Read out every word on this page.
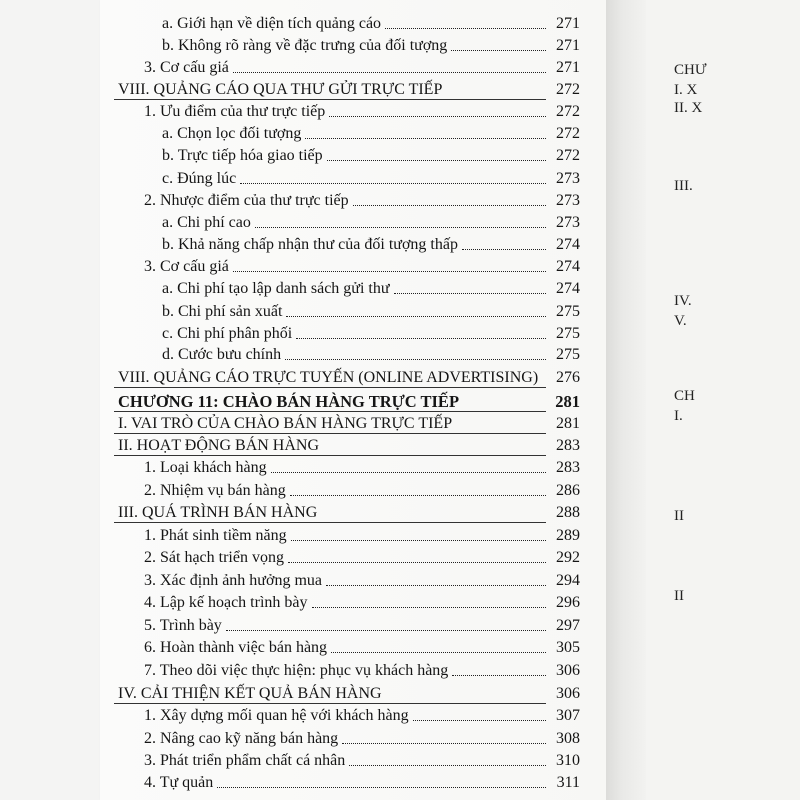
a. Giới hạn về diện tích quảng cáo	271
b. Không rõ ràng về đặc trưng của đối tượng	271
3. Cơ cấu giá	271
VIII. QUẢNG CÁO QUA THƯ GỬI TRỰC TIẾP	272
1. Ưu điểm của thư trực tiếp	272
a. Chọn lọc đối tượng	272
b. Trực tiếp hóa giao tiếp	272
c. Đúng lúc	273
2. Nhược điểm của thư trực tiếp	273
a. Chi phí cao	273
b. Khả năng chấp nhận thư của đối tượng thấp	274
3. Cơ cấu giá	274
a. Chi phí tạo lập danh sách gửi thư	274
b. Chi phí sản xuất	275
c. Chi phí phân phối	275
d. Cước bưu chính	275
VIII. QUẢNG CÁO TRỰC TUYẾN (ONLINE ADVERTISING) 276
CHƯƠNG 11: CHÀO BÁN HÀNG TRỰC TIẾP	281
I. VAI TRÒ CỦA CHÀO BÁN HÀNG TRỰC TIẾP	281
II. HOẠT ĐỘNG BÁN HÀNG	283
1. Loại khách hàng	283
2. Nhiệm vụ bán hàng	286
III. QUÁ TRÌNH BÁN HÀNG	288
1. Phát sinh tiềm năng	289
2. Sát hạch triển vọng	292
3. Xác định ảnh hưởng mua	294
4. Lập kế hoạch trình bày	296
5. Trình bày	297
6. Hoàn thành việc bán hàng	305
7. Theo dõi việc thực hiện: phục vụ khách hàng	306
IV. CẢI THIỆN KẾT QUẢ BÁN HÀNG	306
1. Xây dựng mối quan hệ với khách hàng	307
2. Nâng cao kỹ năng bán hàng	308
3. Phát triển phẩm chất cá nhân	310
4. Tự quản	311
CHƯ
I. X
II. X
III.
IV.
V.
CH
I.
II
II
